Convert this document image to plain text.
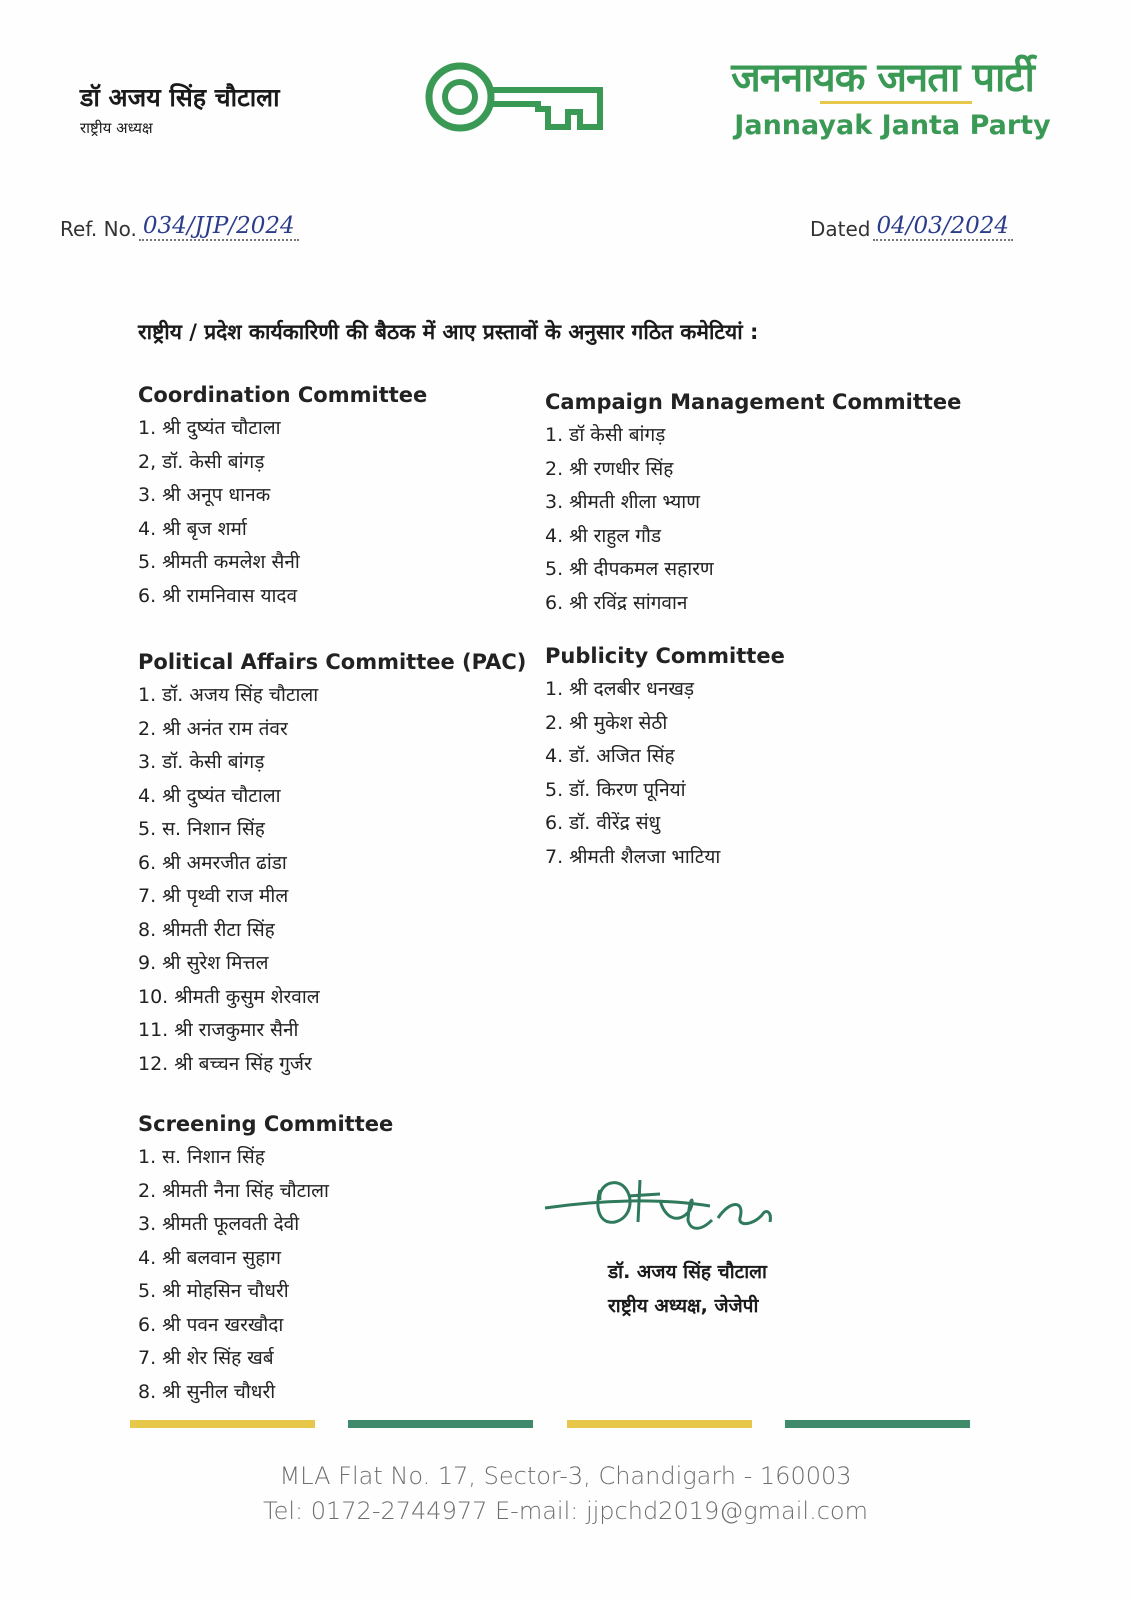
डॉ अजय सिंह चौटाला
राष्ट्रीय अध्यक्ष
जननायक जनता पार्टी
Jannayak Janta Party
Ref. No. 034/JJP/2024	Dated 04/03/2024
राष्ट्रीय / प्रदेश कार्यकारिणी की बैठक में आए प्रस्तावों के अनुसार गठित कमेटियां :
Coordination Committee
1. श्री दुष्यंत चौटाला
2, डॉ. केसी बांगड़
3. श्री अनूप धानक
4. श्री बृज शर्मा
5. श्रीमती कमलेश सैनी
6. श्री रामनिवास यादव
Political Affairs Committee (PAC)
1. डॉ. अजय सिंह चौटाला
2. श्री अनंत राम तंवर
3. डॉ. केसी बांगड़
4. श्री दुष्यंत चौटाला
5. स. निशान सिंह
6. श्री अमरजीत ढांडा
7. श्री पृथ्वी राज मील
8. श्रीमती रीटा सिंह
9. श्री सुरेश मित्तल
10. श्रीमती कुसुम शेरवाल
11. श्री राजकुमार सैनी
12. श्री बच्चन सिंह गुर्जर
Screening Committee
1. स. निशान सिंह
2. श्रीमती नैना सिंह चौटाला
3. श्रीमती फूलवती देवी
4. श्री बलवान सुहाग
5. श्री मोहसिन चौधरी
6. श्री पवन खरखौदा
7. श्री शेर सिंह खर्ब
8. श्री सुनील चौधरी
Campaign Management Committee
1. डॉ केसी बांगड़
2. श्री रणधीर सिंह
3. श्रीमती शीला भ्याण
4. श्री राहुल गौड
5. श्री दीपकमल सहारण
6. श्री रविंद्र सांगवान
Publicity Committee
1. श्री दलबीर धनखड़
2. श्री मुकेश सेठी
4. डॉ. अजित सिंह
5. डॉ. किरण पूनियां
6. डॉ. वीरेंद्र संधु
7. श्रीमती शैलजा भाटिया
डॉ. अजय सिंह चौटाला
राष्ट्रीय अध्यक्ष, जेजेपी
MLA Flat No. 17, Sector-3, Chandigarh - 160003
Tel: 0172-2744977 E-mail: jjpchd2019@gmail.com
